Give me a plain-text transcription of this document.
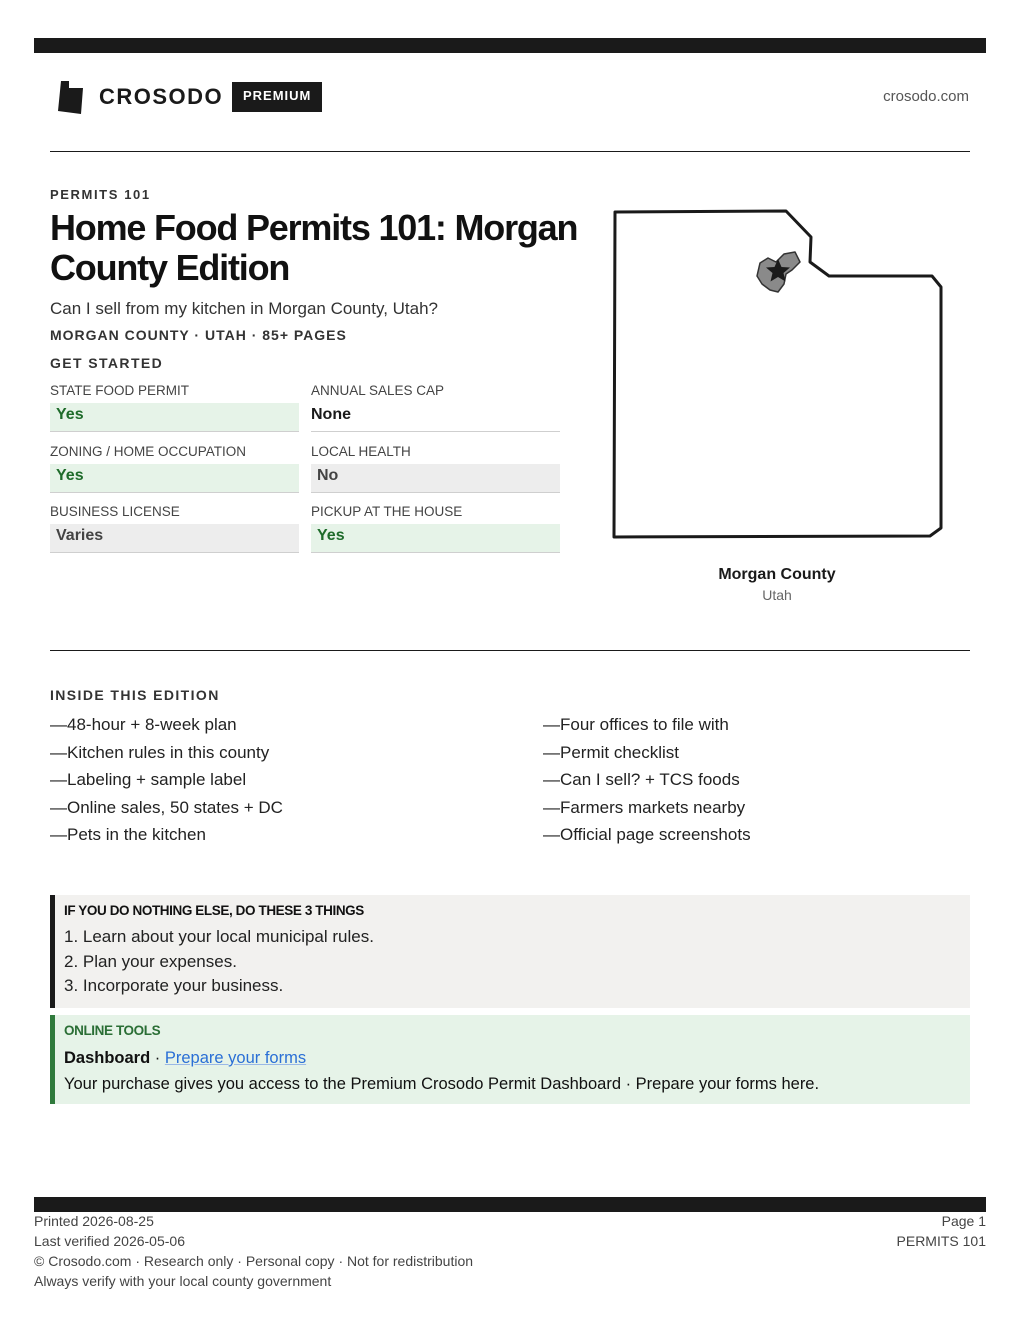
CROSODO	PREMIUM	crosodo.com
PERMITS 101
Home Food Permits 101: Morgan County Edition
Can I sell from my kitchen in Morgan County, Utah?
MORGAN COUNTY · UTAH · 85+ PAGES
GET STARTED
STATE FOOD PERMIT
Yes
ANNUAL SALES CAP
None
ZONING / HOME OCCUPATION
Yes
LOCAL HEALTH
No
BUSINESS LICENSE
Varies
PICKUP AT THE HOUSE
Yes
Morgan County
Utah
INSIDE THIS EDITION
—48-hour + 8-week plan
—Kitchen rules in this county
—Labeling + sample label
—Online sales, 50 states + DC
—Pets in the kitchen
—Four offices to file with
—Permit checklist
—Can I sell? + TCS foods
—Farmers markets nearby
—Official page screenshots
IF YOU DO NOTHING ELSE, DO THESE 3 THINGS
1. Learn about your local municipal rules.
2. Plan your expenses.
3. Incorporate your business.
ONLINE TOOLS
Dashboard · Prepare your forms
Your purchase gives you access to the Premium Crosodo Permit Dashboard · Prepare your forms here.
Printed 2026-08-25
Last verified 2026-05-06
© Crosodo.com · Research only · Personal copy · Not for redistribution
Always verify with your local county government
Page 1
PERMITS 101
